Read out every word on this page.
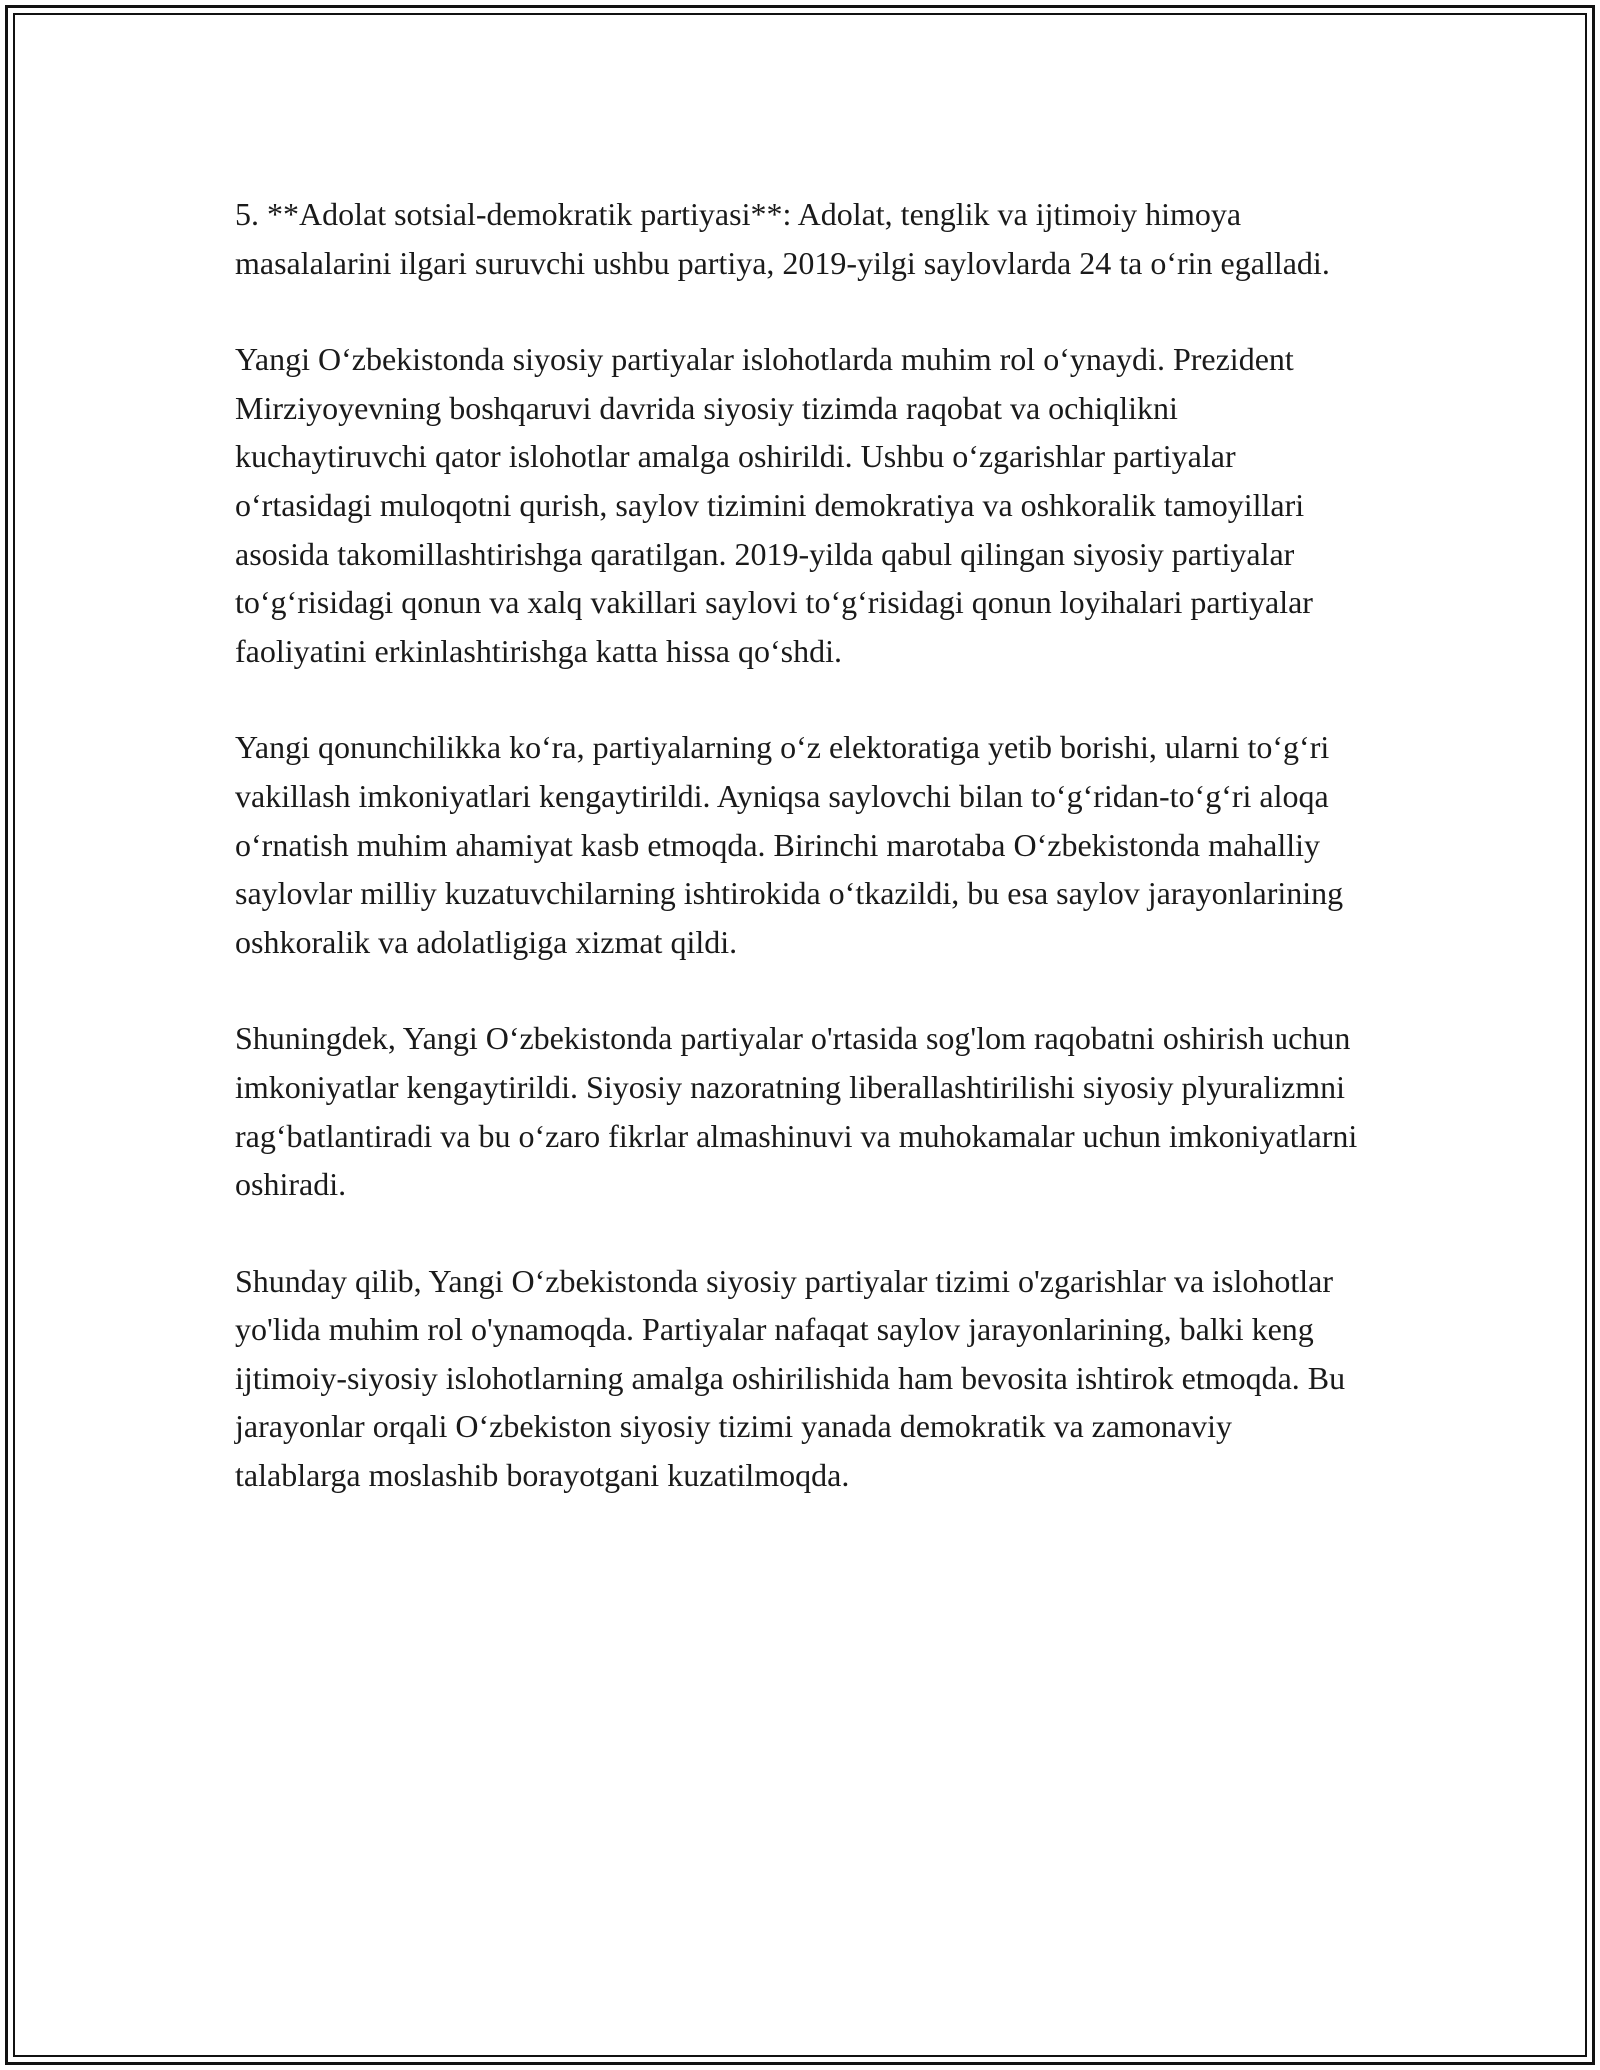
5. **Adolat sotsial-demokratik partiyasi**: Adolat, tenglik va ijtimoiy himoya masalalarini ilgari suruvchi ushbu partiya, 2019-yilgi saylovlarda 24 ta o‘rin egalladi.

Yangi O‘zbekistonda siyosiy partiyalar islohotlarda muhim rol o‘ynaydi. Prezident Mirziyoyevning boshqaruvi davrida siyosiy tizimda raqobat va ochiqlikni kuchaytiruvchi qator islohotlar amalga oshirildi. Ushbu o‘zgarishlar partiyalar o‘rtasidagi muloqotni qurish, saylov tizimini demokratiya va oshkoralik tamoyillari asosida takomillashtirishga qaratilgan. 2019-yilda qabul qilingan siyosiy partiyalar to‘g‘risidagi qonun va xalq vakillari saylovi to‘g‘risidagi qonun loyihalari partiyalar faoliyatini erkinlashtirishga katta hissa qo‘shdi.

Yangi qonunchilikka ko‘ra, partiyalarning o‘z elektoratiga yetib borishi, ularni to‘g‘ri vakillash imkoniyatlari kengaytirildi. Ayniqsa saylovchi bilan to‘g‘ridan-to‘g‘ri aloqa o‘rnatish muhim ahamiyat kasb etmoqda. Birinchi marotaba O‘zbekistonda mahalliy saylovlar milliy kuzatuvchilarning ishtirokida o‘tkazildi, bu esa saylov jarayonlarining oshkoralik va adolatligiga xizmat qildi.

Shuningdek, Yangi O‘zbekistonda partiyalar o'rtasida sog'lom raqobatni oshirish uchun imkoniyatlar kengaytirildi. Siyosiy nazoratning liberallashtirilishi siyosiy plyuralizmni rag‘batlantiradi va bu o‘zaro fikrlar almashinuvi va muhokamalar uchun imkoniyatlarni oshiradi.

Shunday qilib, Yangi O‘zbekistonda siyosiy partiyalar tizimi o'zgarishlar va islohotlar yo'lida muhim rol o'ynamoqda. Partiyalar nafaqat saylov jarayonlarining, balki keng ijtimoiy-siyosiy islohotlarning amalga oshirilishida ham bevosita ishtirok etmoqda. Bu jarayonlar orqali O‘zbekiston siyosiy tizimi yanada demokratik va zamonaviy talablarga moslashib borayotgani kuzatilmoqda.
